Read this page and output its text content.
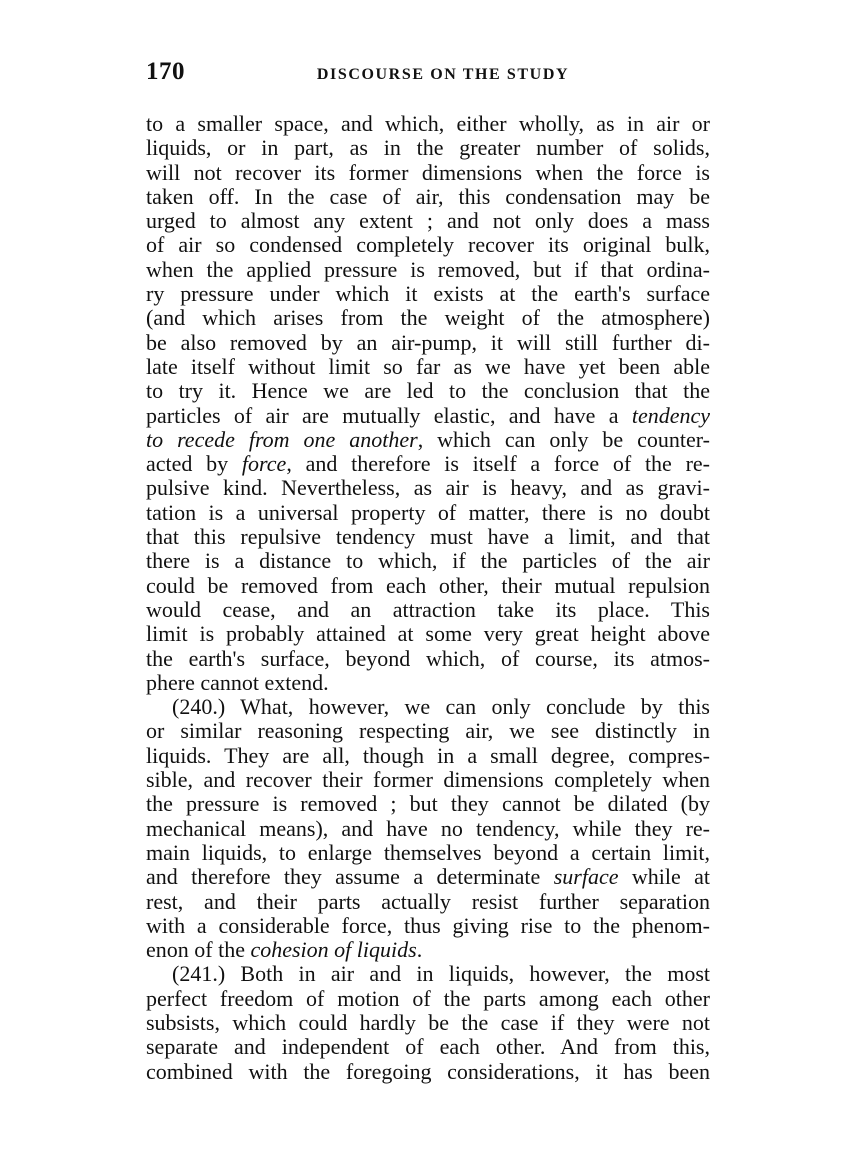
170	DISCOURSE ON THE STUDY
to a smaller space, and which, either wholly, as in air or
liquids, or in part, as in the greater number of solids,
will not recover its former dimensions when the force is
taken off. In the case of air, this condensation may be
urged to almost any extent ; and not only does a mass
of air so condensed completely recover its original bulk,
when the applied pressure is removed, but if that ordina-
ry pressure under which it exists at the earth's surface
(and which arises from the weight of the atmosphere)
be also removed by an air-pump, it will still further di-
late itself without limit so far as we have yet been able
to try it. Hence we are led to the conclusion that the
particles of air are mutually elastic, and have a tendency
to recede from one another, which can only be counter-
acted by force, and therefore is itself a force of the re-
pulsive kind. Nevertheless, as air is heavy, and as gravi-
tation is a universal property of matter, there is no doubt
that this repulsive tendency must have a limit, and that
there is a distance to which, if the particles of the air
could be removed from each other, their mutual repulsion
would cease, and an attraction take its place. This
limit is probably attained at some very great height above
the earth's surface, beyond which, of course, its atmos-
phere cannot extend.
(240.) What, however, we can only conclude by this
or similar reasoning respecting air, we see distinctly in
liquids. They are all, though in a small degree, compres-
sible, and recover their former dimensions completely when
the pressure is removed ; but they cannot be dilated (by
mechanical means), and have no tendency, while they re-
main liquids, to enlarge themselves beyond a certain limit,
and therefore they assume a determinate surface while at
rest, and their parts actually resist further separation
with a considerable force, thus giving rise to the phenom-
enon of the cohesion of liquids.
(241.) Both in air and in liquids, however, the most
perfect freedom of motion of the parts among each other
subsists, which could hardly be the case if they were not
separate and independent of each other. And from this,
combined with the foregoing considerations, it has been
